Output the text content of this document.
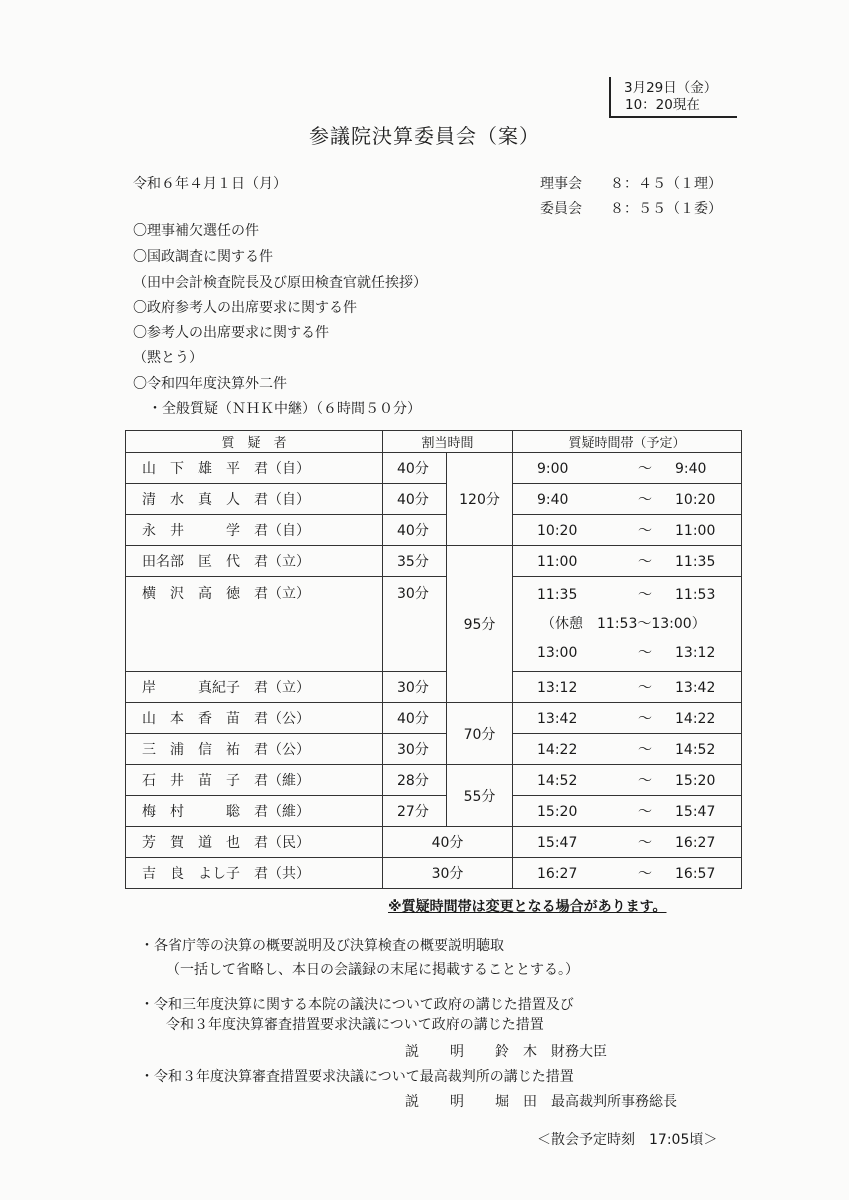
3月29日（金）
10：20現在
参議院決算委員会（案）
令和６年４月１日（月）	理事会 ８：４５（１理）
委員会 ８：５５（１委）
〇理事補欠選任の件
〇国政調査に関する件
（田中会計検査院長及び原田検査官就任挨拶）
〇政府参考人の出席要求に関する件
〇参考人の出席要求に関する件
（黙とう）
〇令和四年度決算外二件
・全般質疑（ＮＨＫ中継）（６時間５０分）
質　疑　者	割当時間		質疑時間帯（予定）
山　下　雄　平　君（自）	40分	120分	9:00 ～ 9:40
清　水　真　人　君（自）	40分		9:40 ～ 10:20
永　井　　　学　君（自）	40分		10:20 ～ 11:00
田名部　匡　代　君（立）	35分	95分	11:00 ～ 11:35
横　沢　高　徳　君（立）	30分		11:35 ～ 11:53
（休憩　11:53～13:00）
13:00 ～ 13:12

岸　　　真紀子　君（立）	30分		13:12 ～ 13:42
山　本　香　苗　君（公）	40分	70分	13:42 ～ 14:22
三　浦　信　祐　君（公）	30分		14:22 ～ 14:52
石　井　苗　子　君（維）	28分	55分	14:52 ～ 15:20
梅　村　　　聡　君（維）	27分		15:20 ～ 15:47
芳　賀　道　也　君（民）	40分		15:47 ～ 16:27
吉　良　よし子　君（共）	30分		16:27 ～ 16:57
※質疑時間帯は変更となる場合があります。
・各省庁等の決算の概要説明及び決算検査の概要説明聴取
（一括して省略し、本日の会議録の末尾に掲載することとする。）
・令和三年度決算に関する本院の議決について政府の講じた措置及び
令和３年度決算審査措置要求決議について政府の講じた措置
説 明 鈴　木　財務大臣
・令和３年度決算審査措置要求決議について最高裁判所の講じた措置
説 明 堀　田　最高裁判所事務総長
＜散会予定時刻　17:05頃＞
